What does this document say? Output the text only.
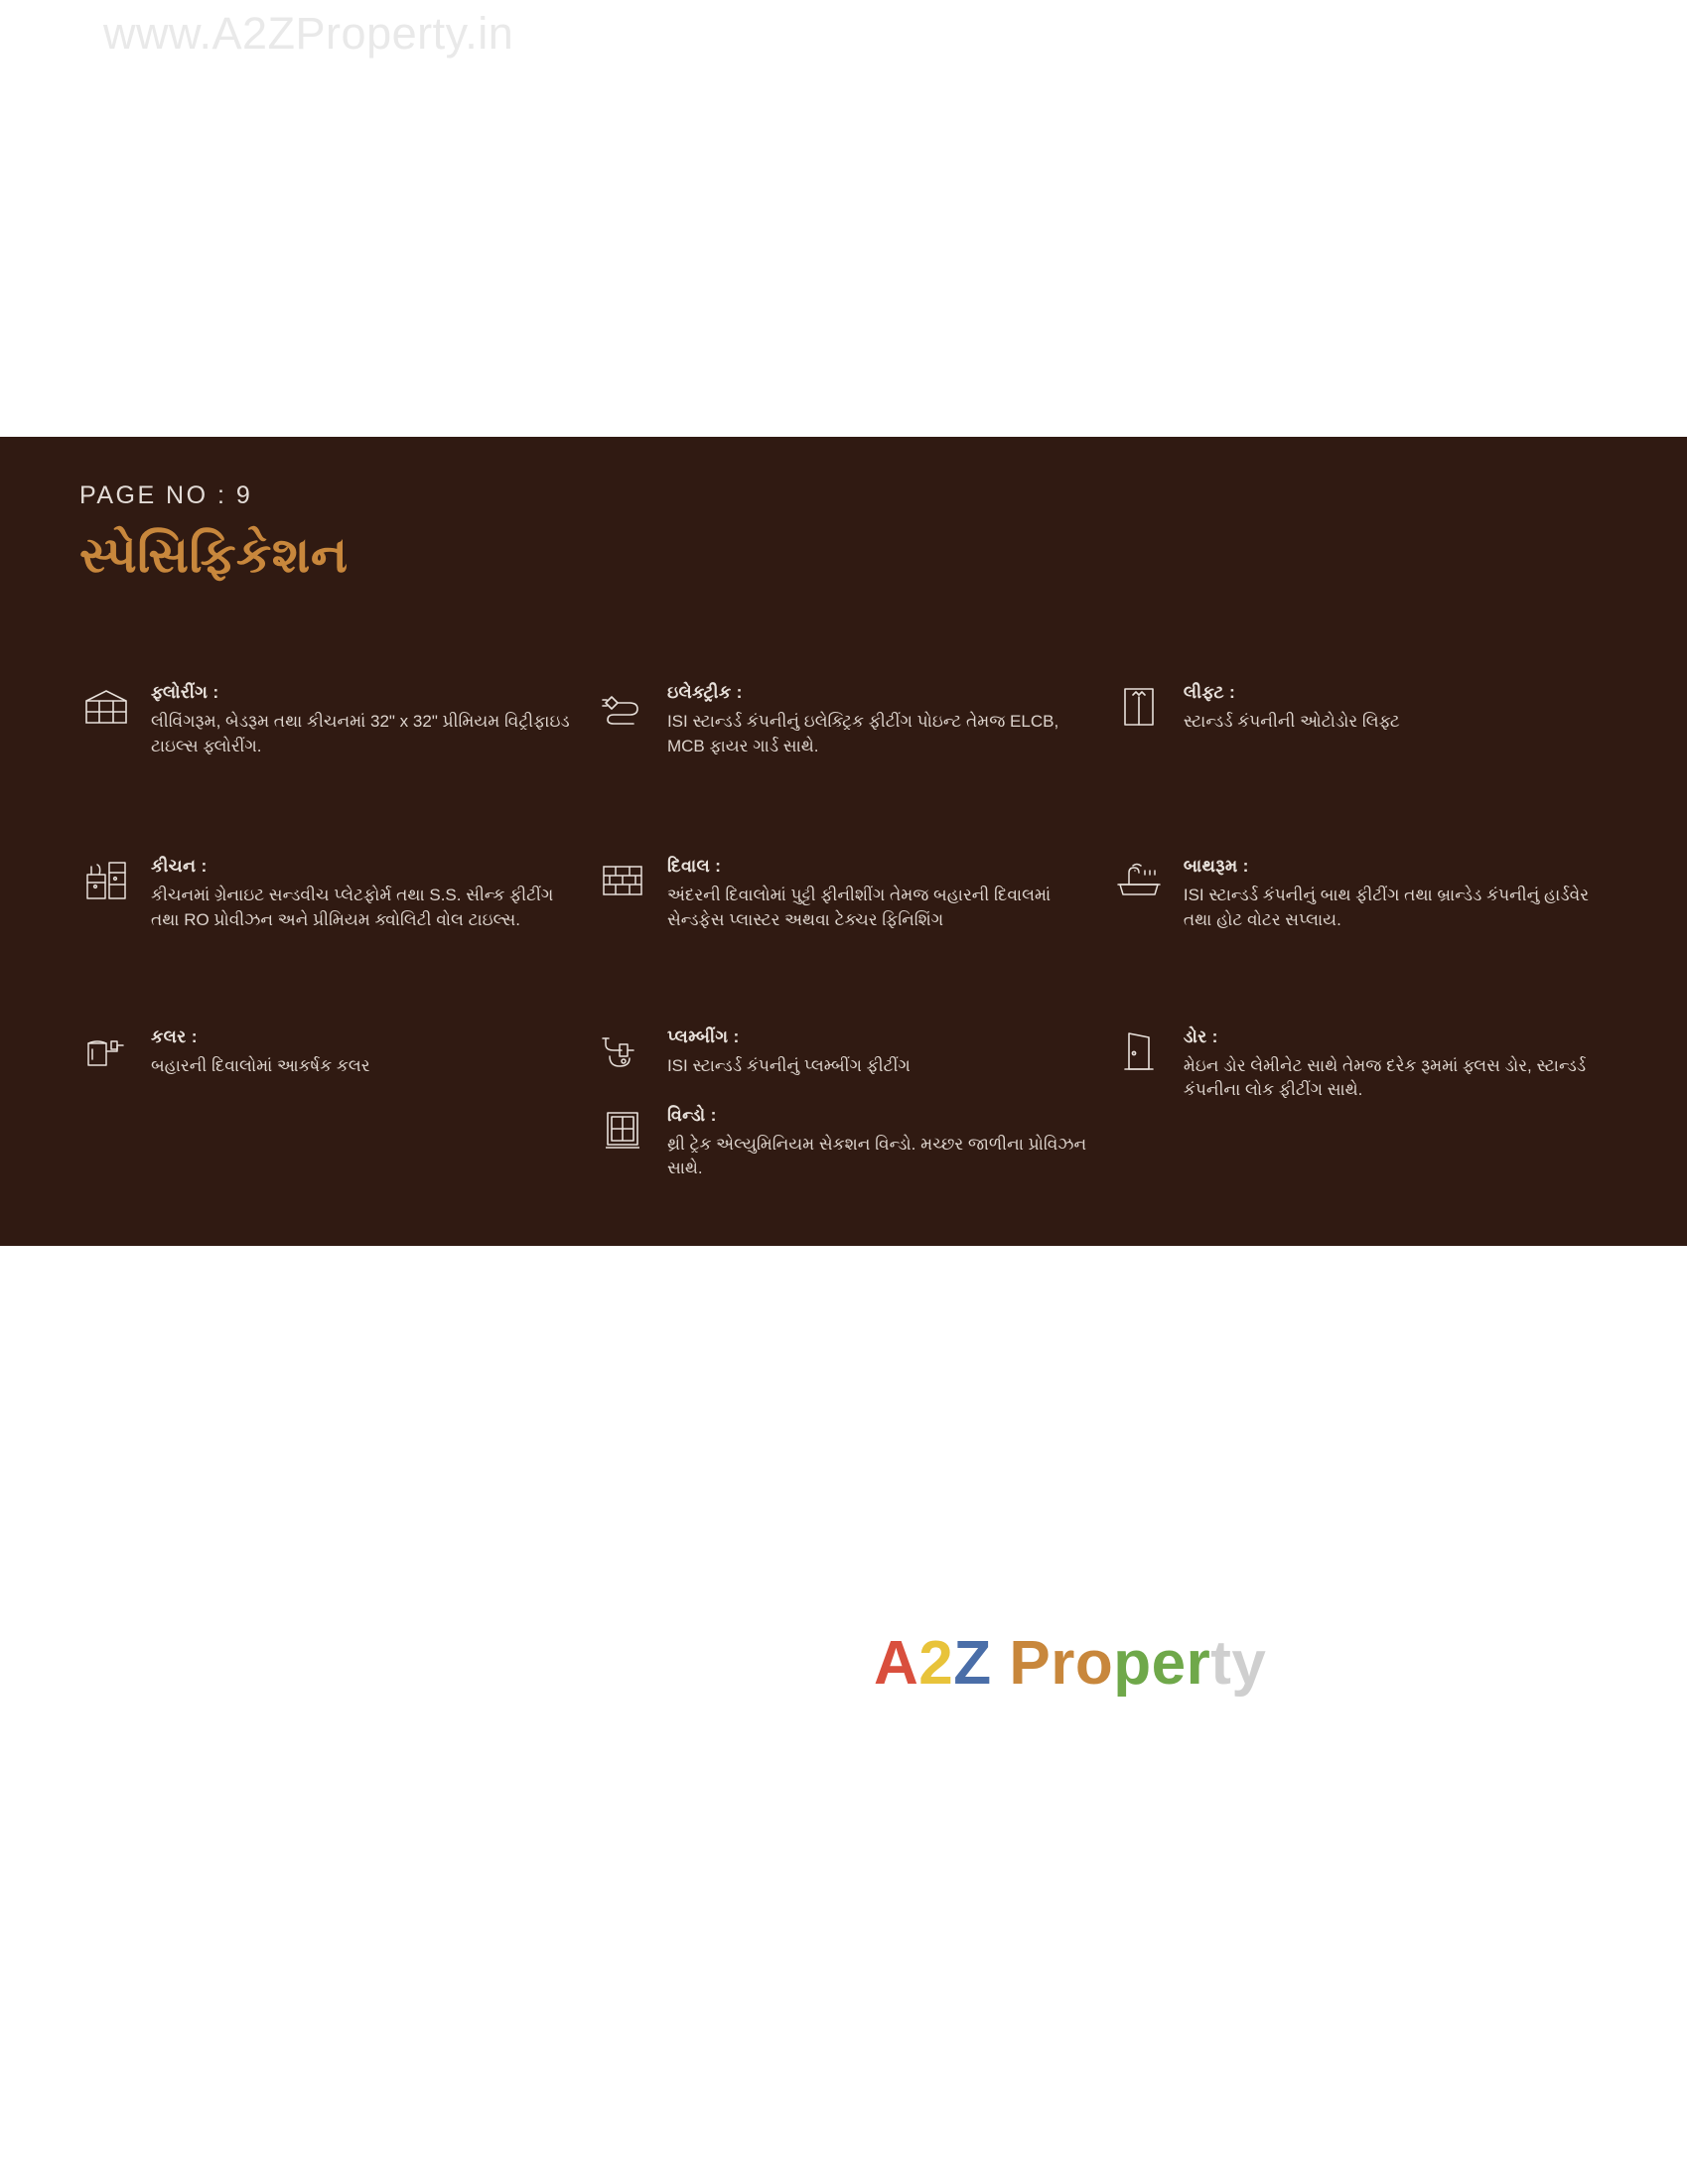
www.A2ZProperty.in
PAGE NO : 9
સ્પેસિફિકેશન
ફ્લોરીંગ :
લીવિંગરૂમ, બેડરૂમ તથા કીચનમાં 32" x 32" પ્રીમિયમ વિટ્રીફાઇડ ટાઇલ્સ ફ્લોરીંગ.
ઇલેક્ટ્રીક :
ISI સ્ટાન્ડર્ડ કંપનીનું ઇલેક્ટ્રિક ફીટીંગ પોઇન્ટ તેમજ ELCB, MCB ફાયર ગાર્ડ સાથે.
લીફ્ટ :
સ્ટાન્ડર્ડ કંપનીની ઓટોડોર લિફ્ટ
કીચન :
કીચનમાં ગ્રેનાઇટ સન્ડવીચ પ્લેટફોર્મ તથા S.S. સીન્ક ફીટીંગ તથા RO પ્રોવીઝન અને પ્રીમિયમ ક્વોલિટી વોલ ટાઇલ્સ.
દિવાલ :
અંદરની દિવાલોમાં પુટ્ટી ફીનીશીંગ તેમજ બહારની દિવાલમાં સેન્ડફેસ પ્લાસ્ટર અથવા ટેક્ચર ફિનિશિંગ
બાથરૂમ :
ISI સ્ટાન્ડર્ડ કંપનીનું બાથ ફીટીંગ તથા બ્રાન્ડેડ કંપનીનું હાર્ડવેર તથા હોટ વોટર સપ્લાય.
કલર :
બહારની દિવાલોમાં આકર્ષક કલર
પ્લમ્બીંગ :
ISI સ્ટાન્ડર્ડ કંપનીનું પ્લમ્બીંગ ફીટીંગ
ડોર :
મેઇન ડોર લેમીનેટ સાથે તેમજ દરેક રૂમમાં ફ્લસ ડોર, સ્ટાન્ડર્ડ કંપનીના લોક ફીટીંગ સાથે.
વિન્ડો :
થ્રી ટ્રેક એલ્યુમિનિયમ સેકશન વિન્ડો. મચ્છર જાળીના પ્રોવિઝન સાથે.
A2Z Property
